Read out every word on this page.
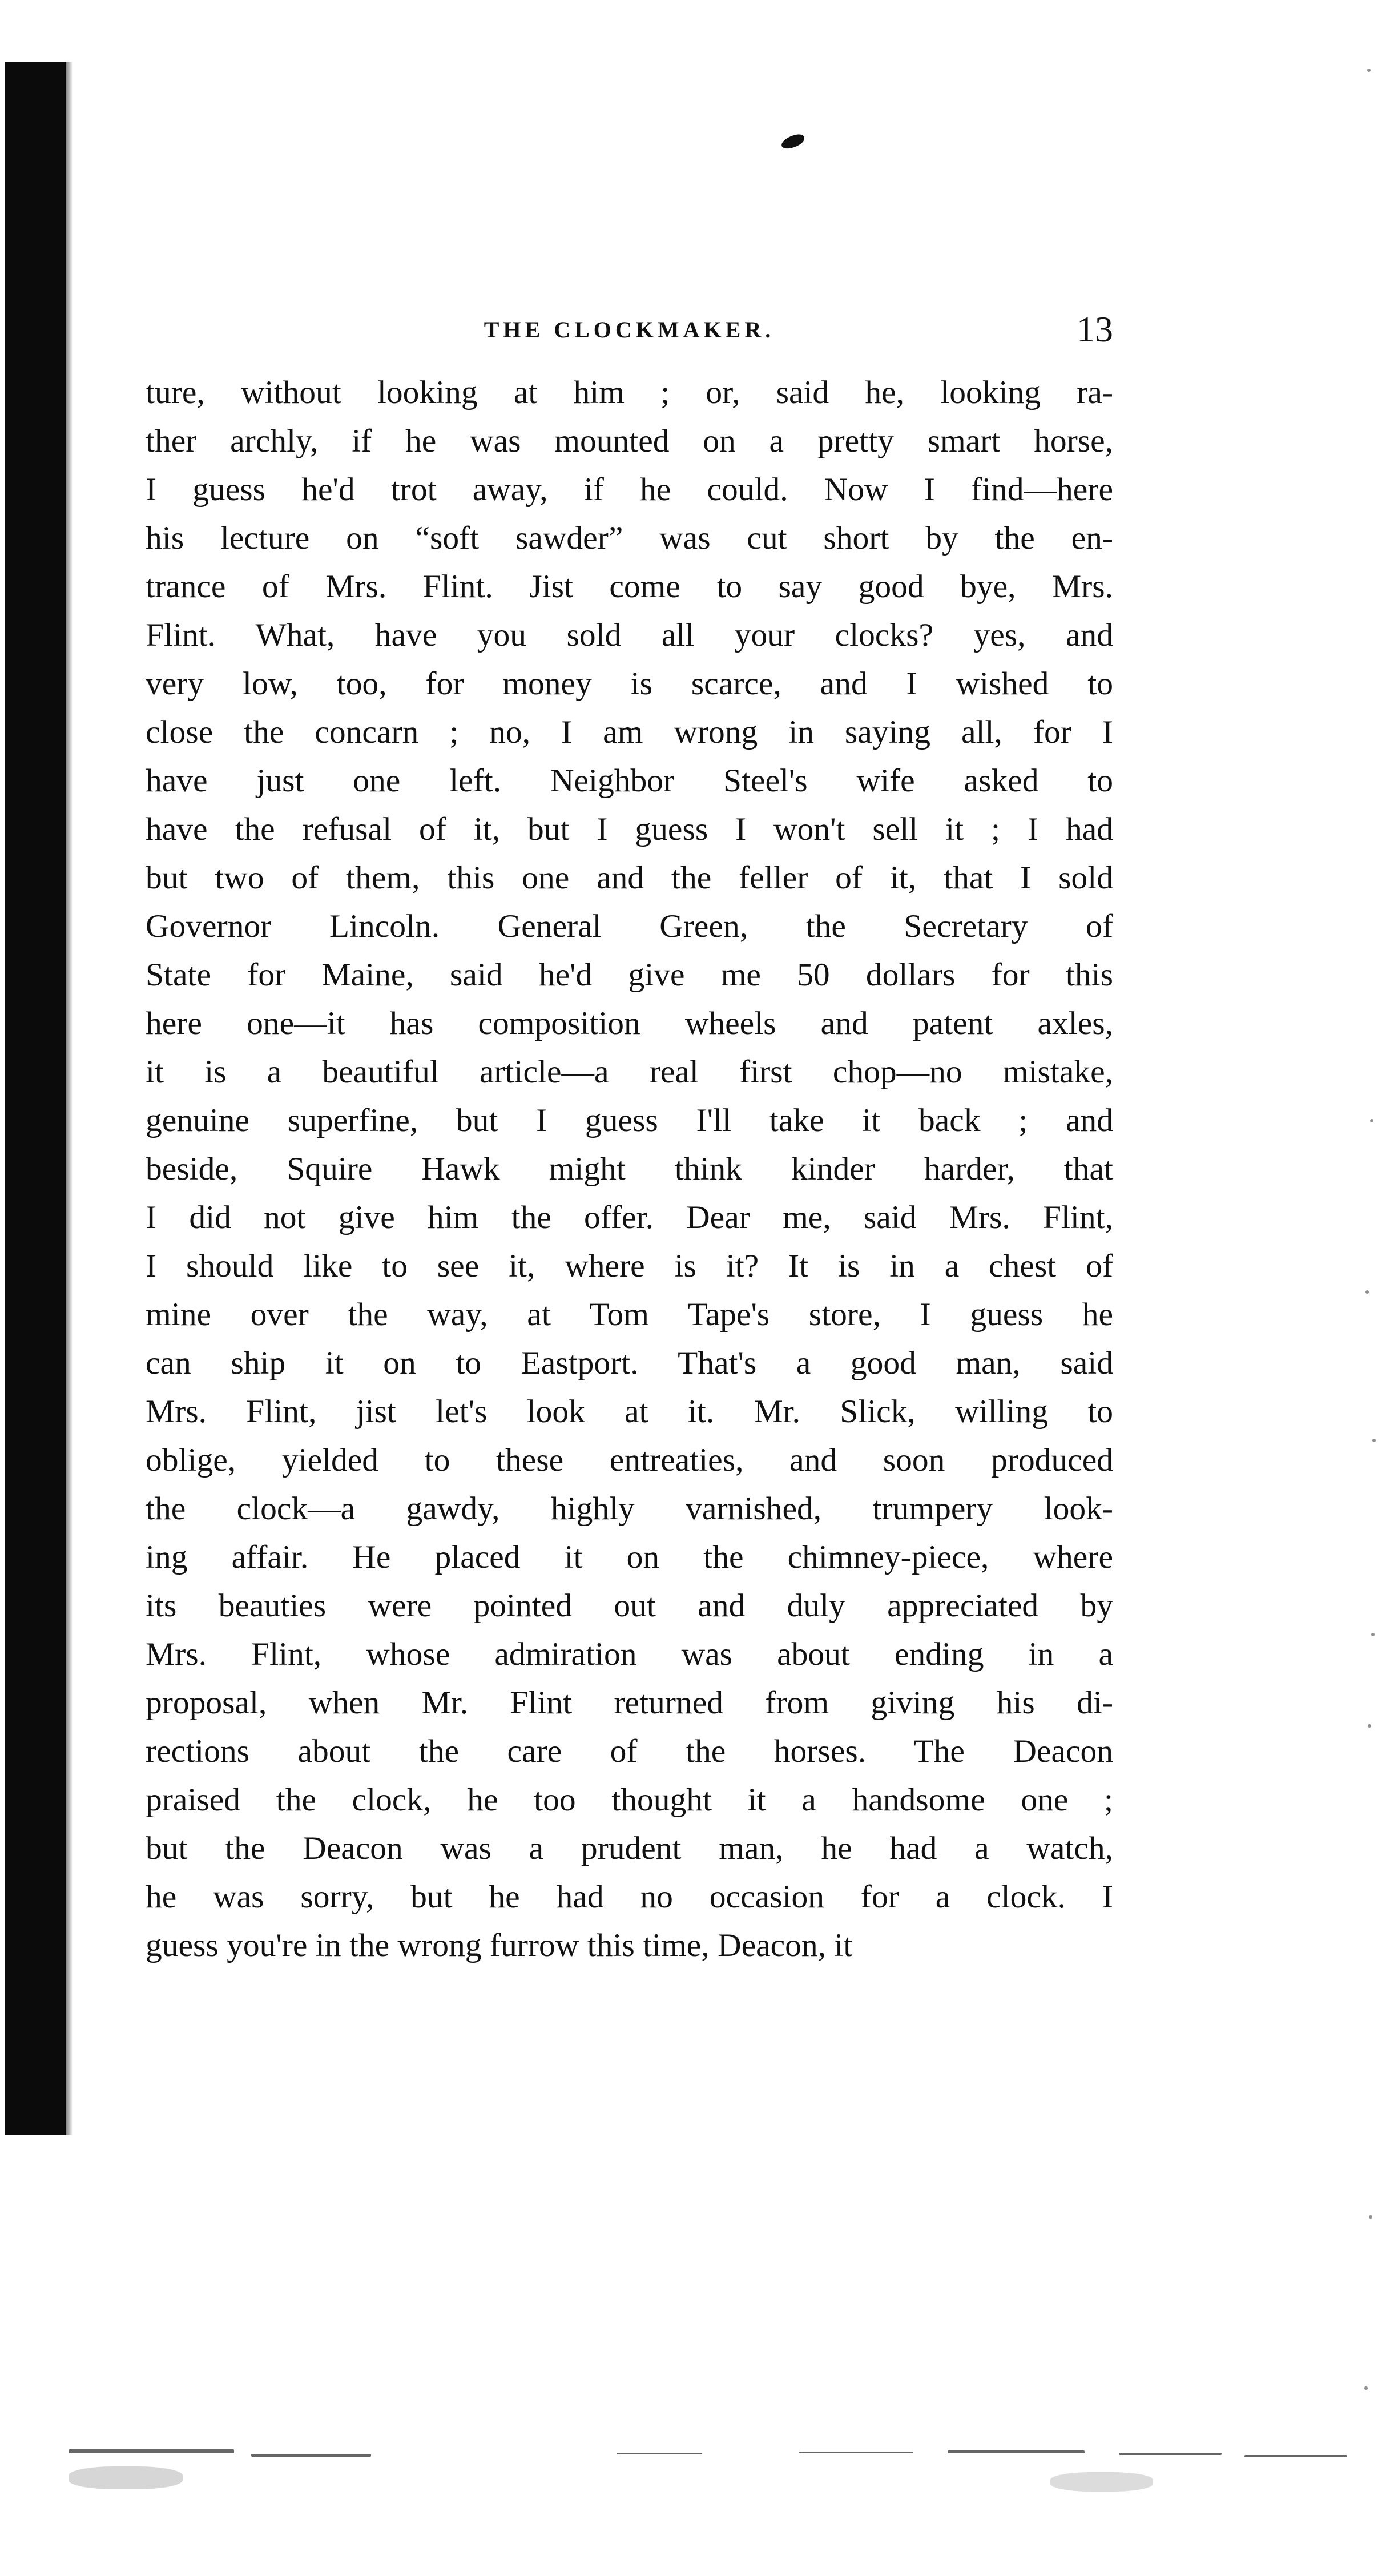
THE CLOCKMAKER.	13
ture, without looking at him ; or, said he, looking ra-
ther archly, if he was mounted on a pretty smart horse,
I guess he'd trot away, if he could. Now I find—here
his lecture on “soft sawder” was cut short by the en-
trance of Mrs. Flint. Jist come to say good bye, Mrs.
Flint. What, have you sold all your clocks? yes, and
very low, too, for money is scarce, and I wished to
close the concarn ; no, I am wrong in saying all, for I
have just one left. Neighbor Steel's wife asked to
have the refusal of it, but I guess I won't sell it ; I had
but two of them, this one and the feller of it, that I sold
Governor Lincoln. General Green, the Secretary of
State for Maine, said he'd give me 50 dollars for this
here one—it has composition wheels and patent axles,
it is a beautiful article—a real first chop—no mistake,
genuine superfine, but I guess I'll take it back ; and
beside, Squire Hawk might think kinder harder, that
I did not give him the offer. Dear me, said Mrs. Flint,
I should like to see it, where is it? It is in a chest of
mine over the way, at Tom Tape's store, I guess he
can ship it on to Eastport. That's a good man, said
Mrs. Flint, jist let's look at it. Mr. Slick, willing to
oblige, yielded to these entreaties, and soon produced
the clock—a gawdy, highly varnished, trumpery look-
ing affair. He placed it on the chimney-piece, where
its beauties were pointed out and duly appreciated by
Mrs. Flint, whose admiration was about ending in a
proposal, when Mr. Flint returned from giving his di-
rections about the care of the horses. The Deacon
praised the clock, he too thought it a handsome one ;
but the Deacon was a prudent man, he had a watch,
he was sorry, but he had no occasion for a clock. I
guess you're in the wrong furrow this time, Deacon, it
